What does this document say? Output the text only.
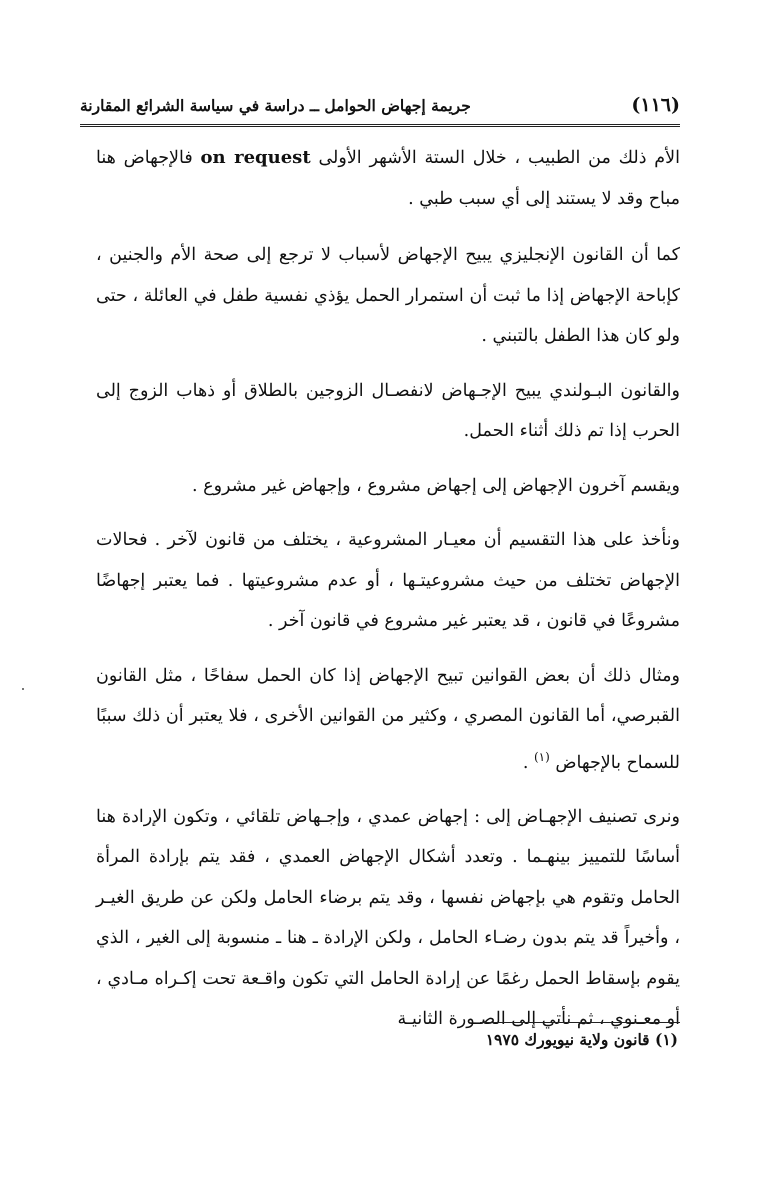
(١١٦)
جريمة إجهاض الحوامل ــ دراسة في سياسة الشرائع المقارنة

الأم ذلك من الطبيب ، خلال الستة الأشهر الأولى on request فالإجهاض هنا مباح وقد لا يستند إلى أي سبب طبي .

كما أن القانون الإنجليزي يبيح الإجهاض لأسباب لا ترجع إلى صحة الأم والجنين ، كإباحة الإجهاض إذا ما ثبت أن استمرار الحمل يؤذي نفسية طفل في العائلة ، حتى ولو كان هذا الطفل بالتبني .

والقانون البـولندي يبيح الإجـهاض لانفصـال الزوجين بالطلاق أو ذهاب الزوج إلى الحرب إذا تم ذلك أثناء الحمل.

ويقسم آخرون الإجهاض إلى إجهاض مشروع ، وإجهاض غير مشروع .

ونأخذ على هذا التقسيم أن معيـار المشروعية ، يختلف من قانون لآخر . فحالات الإجهاض تختلف من حيث مشروعيتـها ، أو عدم مشروعيتها . فما يعتبر إجهاضًا مشروعًا في قانون ، قد يعتبر غير مشروع في قانون آخر .

ومثال ذلك أن بعض القوانين تبيح الإجهاض إذا كان الحمل سفاحًا ، مثل القانون القبرصي، أما القانون المصري ، وكثير من القوانين الأخرى ، فلا يعتبر أن ذلك سببًا للسماح بالإجهاض $^{(١)}$ .

ونرى تصنيف الإجهـاض إلى : إجهاض عمدي ، وإجـهاض تلقائي ، وتكون الإرادة هنا أساسًا للتمييز بينهـما . وتعدد أشكال الإجهاض العمدي ، فقد يتم بإرادة المرأة الحامل وتقوم هي بإجهاض نفسها ، وقد يتم برضاء الحامل ولكن عن طريق الغيـر ، وأخيراً قد يتم بدون رضـاء الحامل ، ولكن الإرادة ـ هنا ـ منسوبة إلى الغير ، الذي يقوم بإسقاط الحمل رغمًا عن إرادة الحامل التي تكون واقـعة تحت إكـراه مـادي ، أو معـنوي ، ثم نأتي إلى الصـورة الثانيـة

(١) قانون ولاية نيويورك ١٩٧٥
